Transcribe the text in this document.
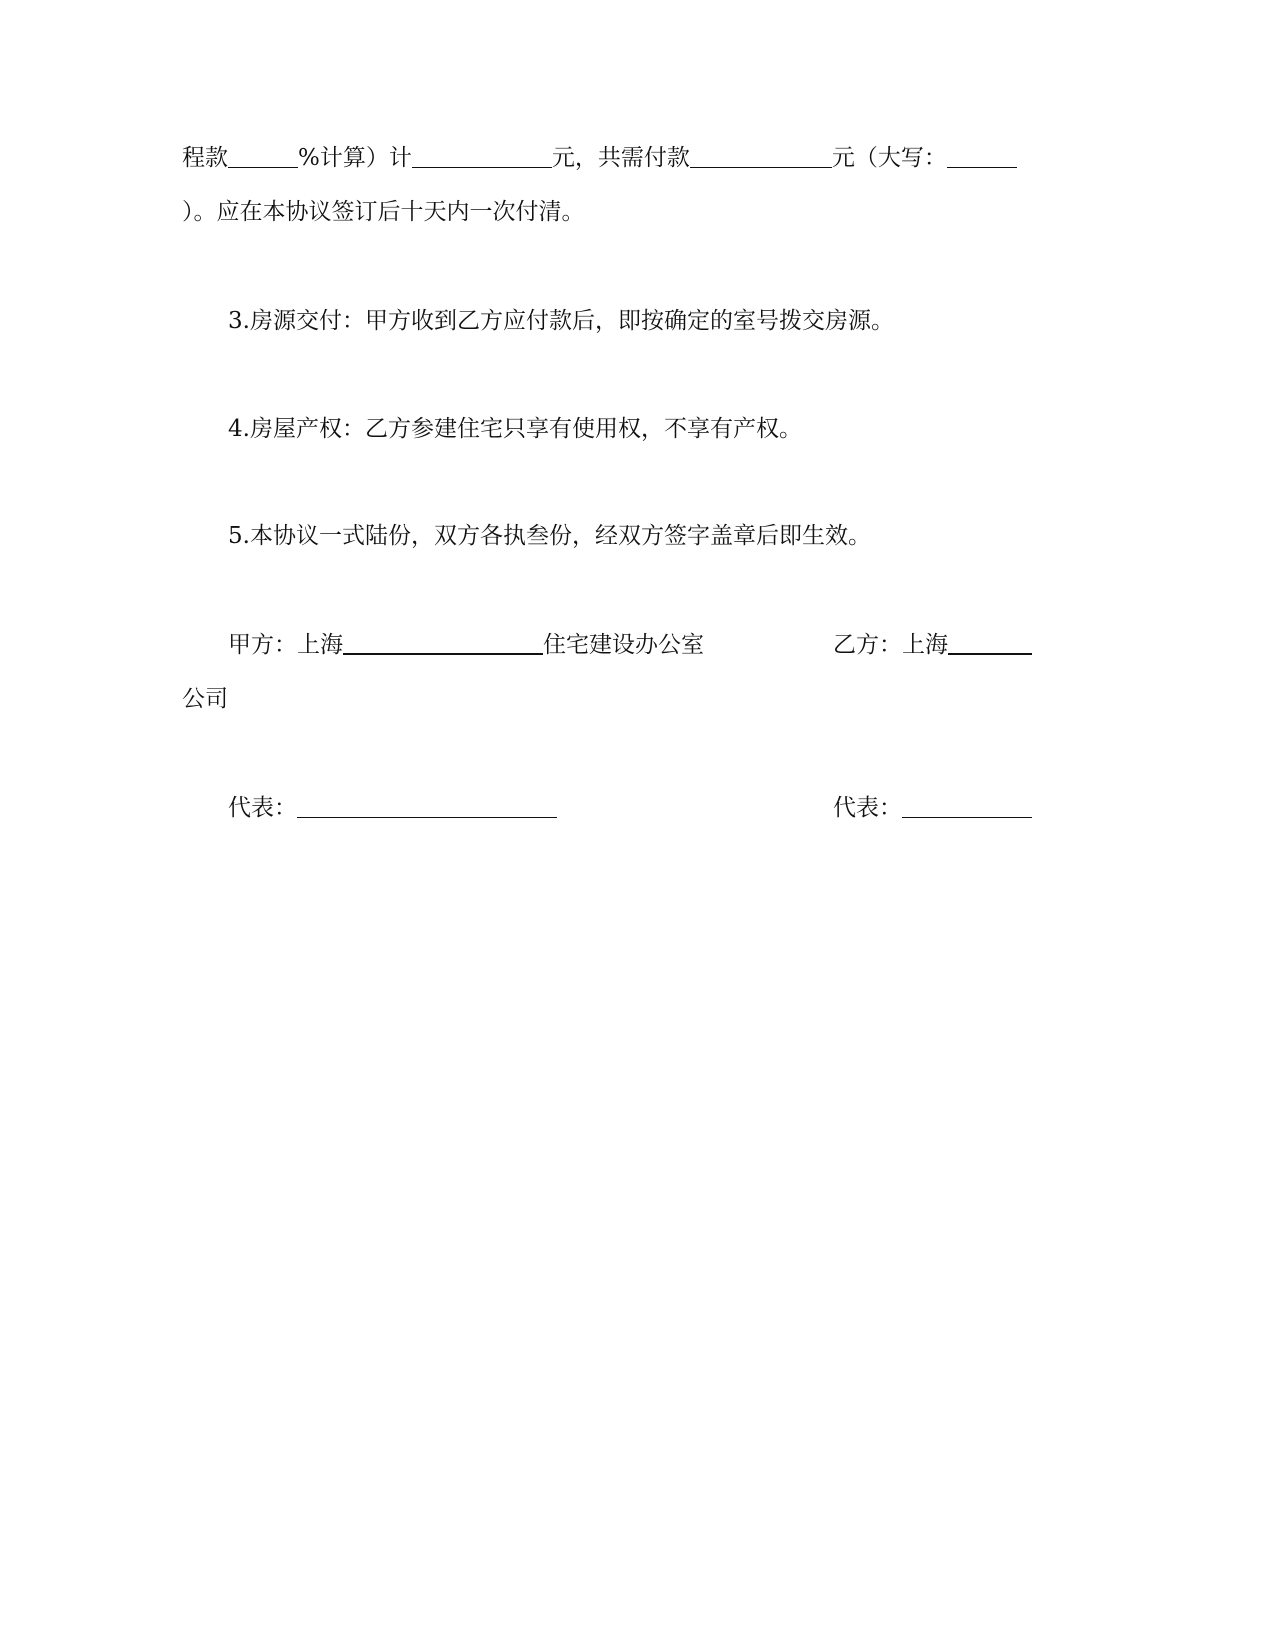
程款	%计算）计	元，共需付款	元（大写：
）。应在本协议签订后十天内一次付清。
3.房源交付：甲方收到乙方应付款后，即按确定的室号拨交房源。
4.房屋产权：乙方参建住宅只享有使用权，不享有产权。
5.本协议一式陆份，双方各执叁份，经双方签字盖章后即生效。
甲方：上海	住宅建设办公室	乙方：上海
公司
代表：	代表：
